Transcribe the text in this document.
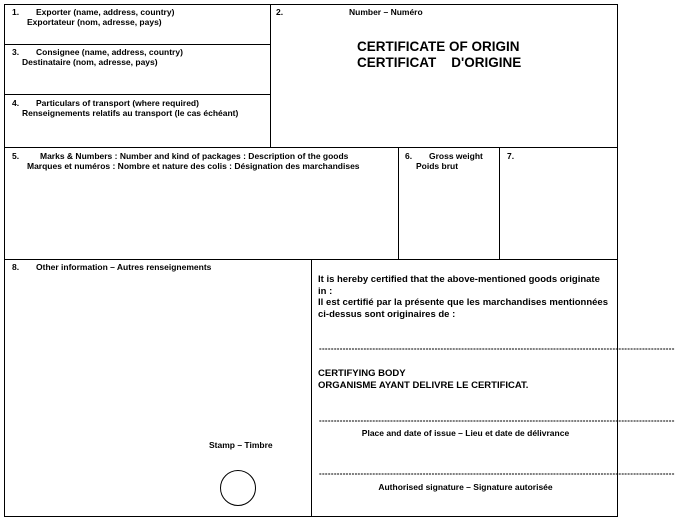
1. Exporter (name, address, country)
Exportateur (nom, adresse, pays)
2.	Number – Numéro
CERTIFICATE OF ORIGIN
CERTIFICAT    D'ORIGINE
3. Consignee (name, address, country)
Destinataire (nom, adresse, pays)
4. Particulars of transport (where required)
Renseignements relatifs au transport (le cas échéant)
5. Marks & Numbers : Number and kind of packages : Description of the goods
Marques et numéros : Nombre et nature des colis : Désignation des marchandises
6. Gross weight
Poids brut
7.
8. Other information – Autres renseignements
Stamp – Timbre
It is hereby certified that the above-mentioned goods originate in :
Il est certifié par la présente que les marchandises mentionnées ci-dessus sont originaires de :
------------------------------------------------------------------------------------------------------------------------
CERTIFYING BODY
ORGANISME AYANT DELIVRE LE CERTIFICAT.
------------------------------------------------------------------------------------------------------------------------
Place and date of issue – Lieu et date de délivrance
------------------------------------------------------------------------------------------------------------------------
Authorised signature – Signature autorisée
